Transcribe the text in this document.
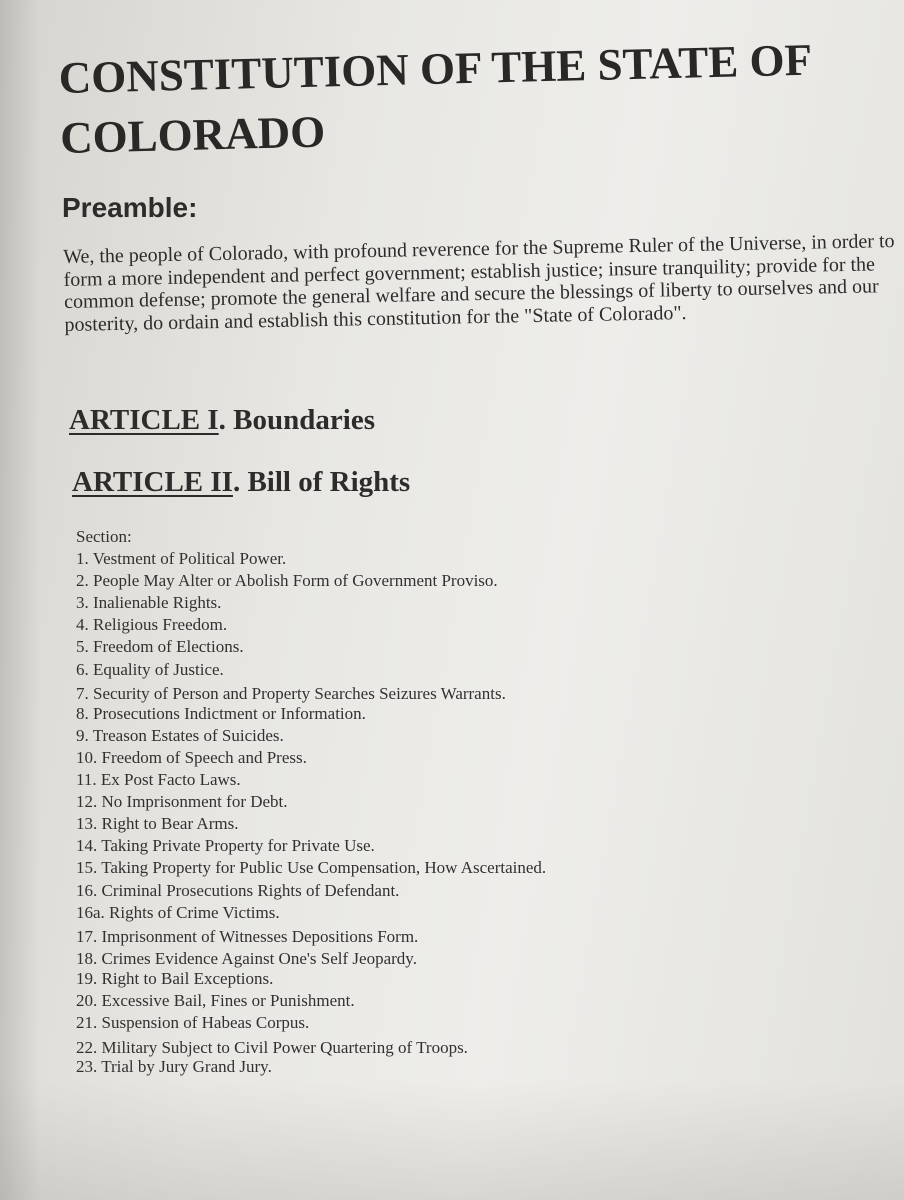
CONSTITUTION OF THE STATE OF COLORADO
Preamble:

We, the people of Colorado, with profound reverence for the Supreme Ruler of the Universe, in order to form a more independent and perfect government; establish justice; insure tranquility; provide for the common defense; promote the general welfare and secure the blessings of liberty to ourselves and our posterity, do ordain and establish this constitution for the "State of Colorado".

ARTICLE I. Boundaries
ARTICLE II. Bill of Rights
Section:
1. Vestment of Political Power.
2. People May Alter or Abolish Form of Government Proviso.
3. Inalienable Rights.
4. Religious Freedom.
5. Freedom of Elections.
6. Equality of Justice.
7. Security of Person and Property Searches Seizures Warrants.
8. Prosecutions Indictment or Information.
9. Treason Estates of Suicides.
10. Freedom of Speech and Press.
11. Ex Post Facto Laws.
12. No Imprisonment for Debt.
13. Right to Bear Arms.
14. Taking Private Property for Private Use.
15. Taking Property for Public Use Compensation, How Ascertained.
16. Criminal Prosecutions Rights of Defendant.
16a. Rights of Crime Victims.
17. Imprisonment of Witnesses Depositions Form.
18. Crimes Evidence Against One's Self Jeopardy.
19. Right to Bail Exceptions.
20. Excessive Bail, Fines or Punishment.
21. Suspension of Habeas Corpus.
22. Military Subject to Civil Power Quartering of Troops.
23. Trial by Jury Grand Jury.
